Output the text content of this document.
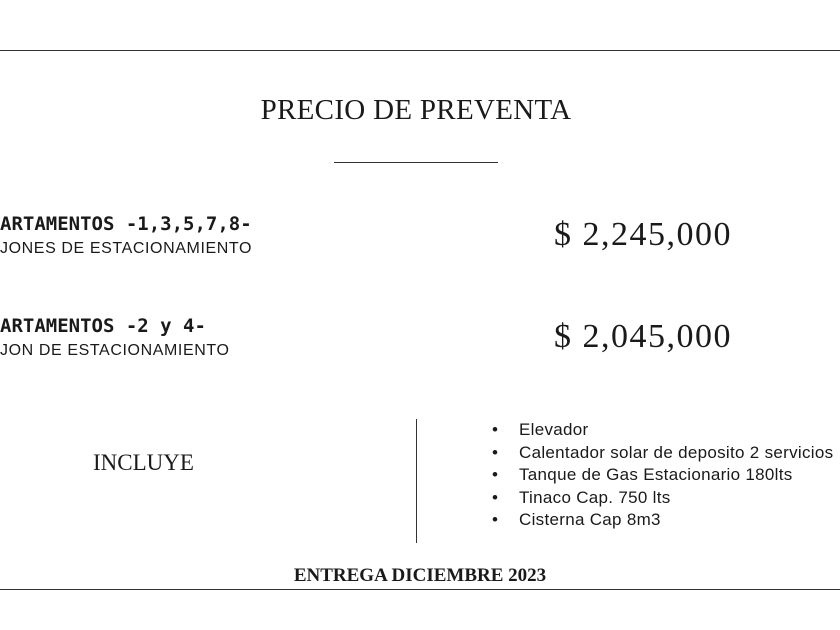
PRECIO DE PREVENTA
ARTAMENTOS -1,3,5,7,8-
JONES DE ESTACIONAMIENTO	$ 2,245,000
ARTAMENTOS -2 y 4-
JON DE ESTACIONAMIENTO	$ 2,045,000
INCLUYE
• Elevador
• Calentador solar de deposito 2 servicios
• Tanque de Gas Estacionario 180lts
• Tinaco Cap. 750 lts
• Cisterna Cap 8m3
ENTREGA DICIEMBRE 2023
